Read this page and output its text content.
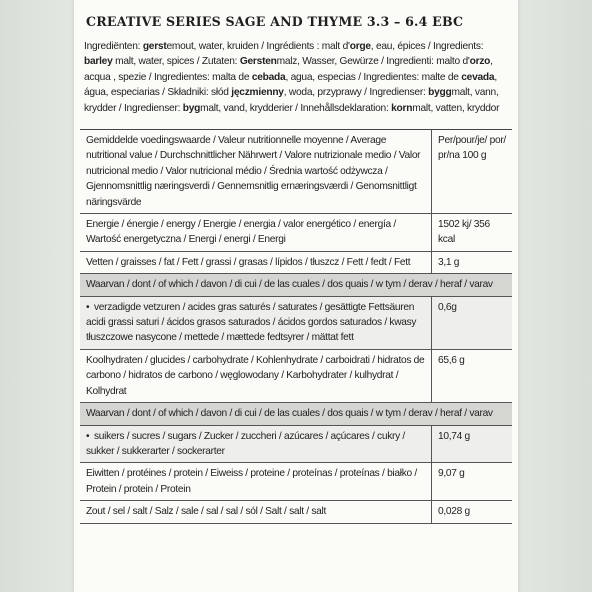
CREATIVE SERIES SAGE AND THYME 3.3 – 6.4 EBC
Ingrediënten: gerstemout, water, kruiden / Ingrédients : malt d'orge, eau, épices / Ingredients: barley malt, water, spices / Zutaten: Gerstenmalz, Wasser, Gewürze / Ingredienti: malto d'orzo, acqua , spezie / Ingredientes: malta de cebada, agua, especias / Ingredientes: malte de cevada, água, especiarias / Składniki: słód jęczmienny, woda, przyprawy / Ingredienser: byggmalt, vann, krydder / Ingredienser: bygmalt, vand, krydderier / Innehållsdeklaration: kornmalt, vatten, kryddor
Gemiddelde voedingswaarde / Valeur nutritionnelle moyenne / Average nutritional value / Durchschnittlicher Nährwert / Valore nutrizionale medio / Valor nutricional medio / Valor nutricional médio / Średnia wartość odżywcza / Gjennomsnittlig næringsverdi / Gennemsnitlig ernæringsværdi / Genomsnittligt näringsvärde
Per/pour/je/ por/ pr/na 100 g
Energie / énergie / energy / Energie / energia / valor energético / energía / Wartość energetyczna / Energi / energi / Energi
1502 kj/ 356 kcal
Vetten / graisses / fat / Fett / grassi / grasas / lípidos / tłuszcz / Fett / fedt / Fett	3,1 g
Waarvan / dont / of which / davon / di cui / de las cuales / dos quais / w tym / derav / heraf / varav
• verzadigde vetzuren / acides gras saturés / saturates / gesättigte Fettsäuren acidi grassi saturi / ácidos grasos saturados / ácidos gordos saturados / kwasy tłuszczowe nasycone / mettede / mættede fedtsyrer / mättat fett
0,6g
Koolhydraten / glucides / carbohydrate / Kohlenhydrate / carboidrati / hidratos de carbono / hidratos de carbono / węglowodany / Karbohydrater / kulhydrat / Kolhydrat
65,6 g
Waarvan / dont / of which / davon / di cui / de las cuales / dos quais / w tym / derav / heraf / varav
• suikers / sucres / sugars / Zucker / zuccheri / azúcares / açúcares / cukry / sukker / sukkerarter / sockerarter
10,74 g
Eiwitten / protéines / protein / Eiweiss / proteine / proteínas / proteínas / białko / Protein / protein / Protein
9,07 g
Zout / sel / salt / Salz / sale / sal / sal / sól / Salt / salt / salt	0,028 g
